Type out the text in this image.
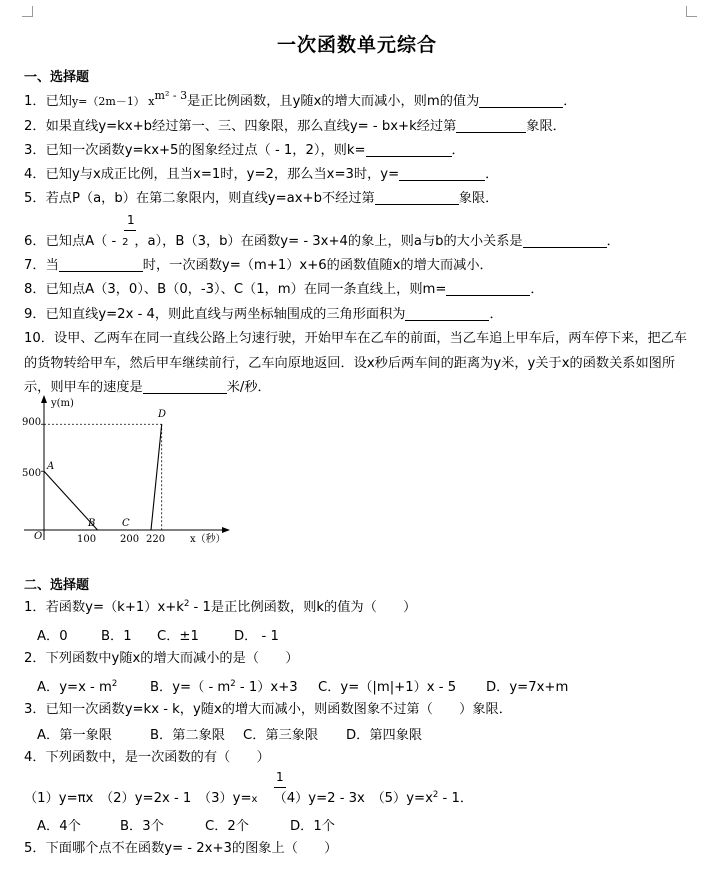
一次函数单元综合
一、选择题
1．已知y=（2m－1） $x^{m^2 - 3}$是正比例函数，且y随x的增大而减小，则m的值为	．
2．如果直线y=kx+b经过第一、三、四象限，那么直线y= - bx+k经过第	象限．
3．已知一次函数y=kx+5的图象经过点（ - 1，2），则k=	．
4．已知y与x成正比例，且当x=1时，y=2，那么当x=3时，y=	．
5．若点P（a，b）在第二象限内，则直线y=ax+b不经过第	象限．
1
6．已知点A（ - 2 ，a），B（3，b）在函数y= - 3x+4的象上，则a与b的大小关系是	．
7．当	时，一次函数y=（m+1）x+6的函数值随x的增大而减小．
8．已知点A（3，0）、B（0，-3）、C（1，m）在同一条直线上，则m=	．
9．已知直线y=2x - 4，则此直线与两坐标轴围成的三角形面积为	．
10．设甲、乙两车在同一直线公路上匀速行驶，开始甲车在乙车的前面，当乙车追上甲车后，两车停下来，把乙车的货物转给甲车，然后甲车继续前行，乙车向原地返回．设x秒后两车间的距离为y米，y关于x的函数关系如图所示，则甲车的速度是	米/秒．
y(m)
x（秒）
O
900
500
100 200 220
A
B	C
D
二、选择题
1．若函数$y=(k+1)x+k^2 - 1$是正比例函数，则k的值为（　　）
A．0	B．1 C．±1	D． - 1
2．下列函数中y随x的增大而减小的是（　　）
A．$y=x - m^2$ B．$y=( - m^2 - 1)x+3$ C．y=（|m|+1）x - 5 D．y=7x+m
3．已知一次函数y=kx - k，y随x的增大而减小，则函数图象不过第（　　）象限．
A．第一象限	B．第二象限 C．第三象限 D．第四象限
4．下列函数中，是一次函数的有（　　）
1
（1）y=πx　（2）y=2x - 1　（3）y=x （4）y=2 - 3x　$(5)y=x^2 - 1$．
A．4个	B．3个	C．2个	D．1个
5．下面哪个点不在函数y= - 2x+3的图象上（　　）
